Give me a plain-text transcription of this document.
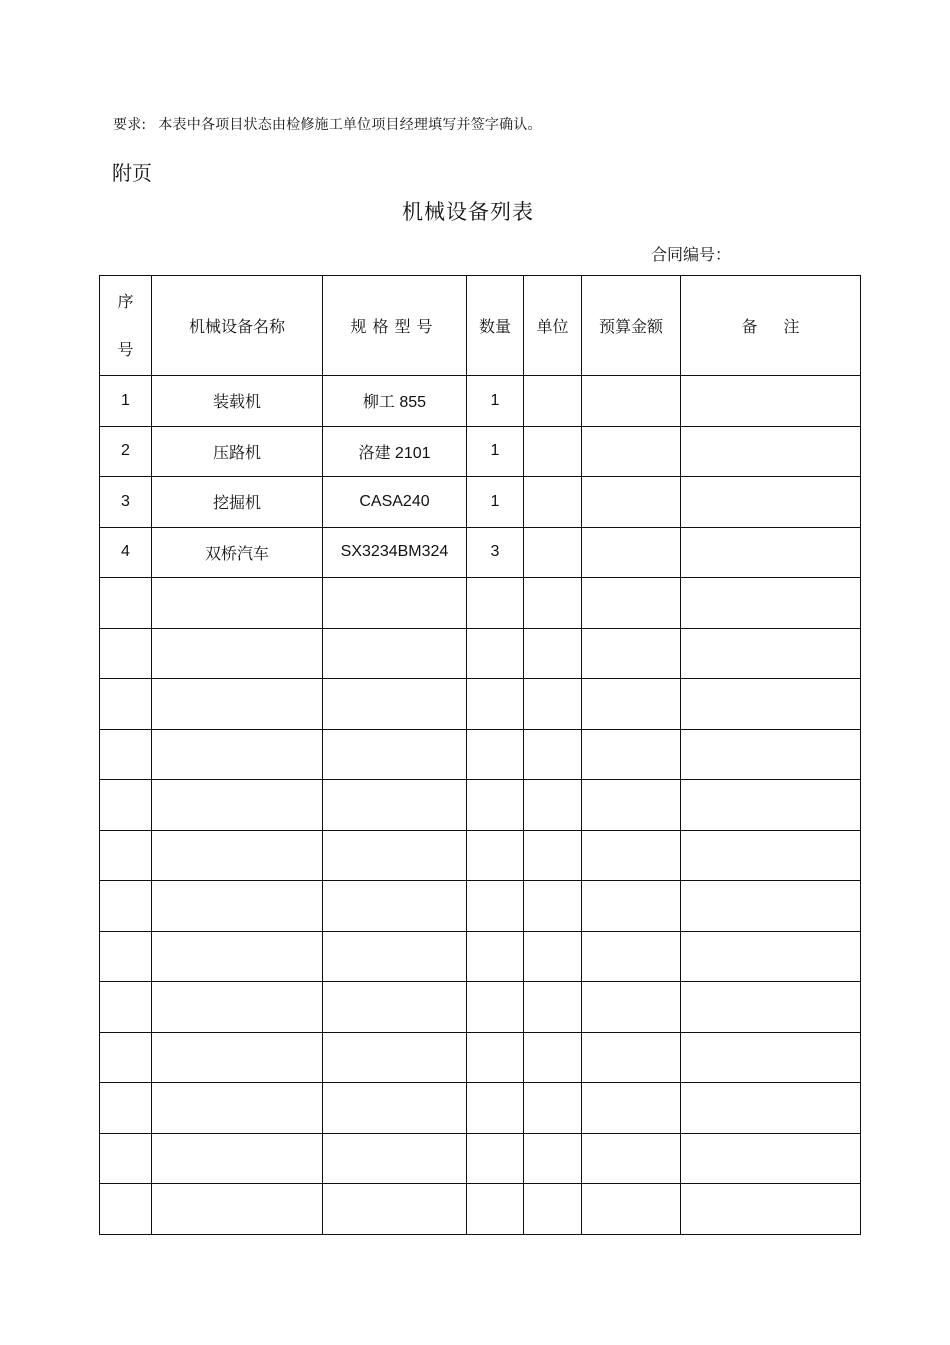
要求: 本表中各项目状态由检修施工单位项目经理填写并签字确认。
附页
机械设备列表
合同编号：
序号	机械设备名称	规格型号	数量	单位	预算金额	备注
1	装载机	柳工 855	1			
2	压路机	洛建 2101	1			
3	挖掘机	CASA240	1			
4	双桥汽车	SX3234BM324	3			
